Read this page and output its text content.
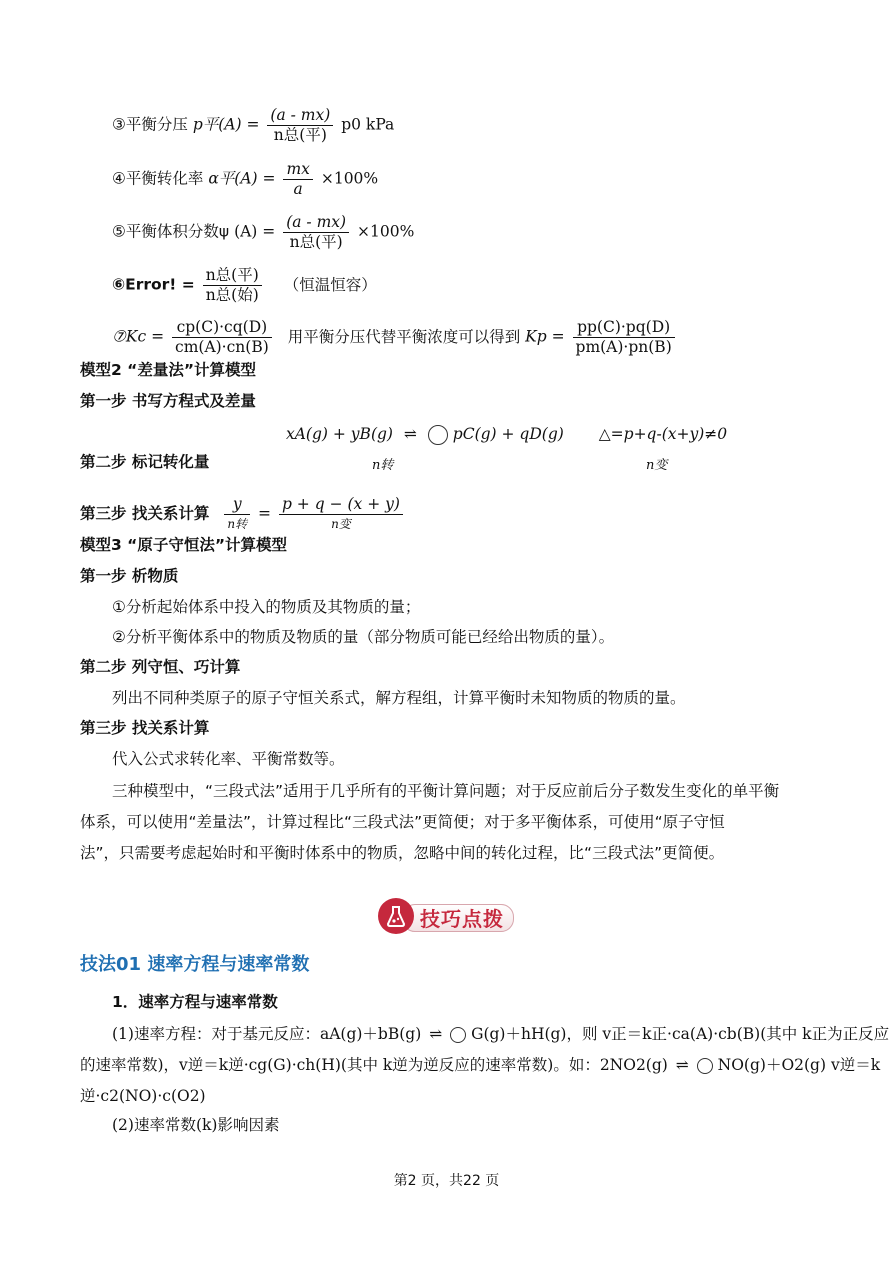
③平衡分压 p平$(A) = \frac{(a - mx)}{\text{n总(平)}} p0$ kPa
④平衡转化率 α平$(A) = \frac{mx}{a} \times 100\%$
⑤平衡体积分数ψ $(A) = \frac{(a - mx)}{\text{n总(平)}} \times 100\%$
⑥Error! = $\frac{\text{n总(平)}}{\text{n总(始)}}$ （恒温恒容）
⑦Kc = $\frac{cp(C)\cdot cq(D)}{cm(A)\cdot cn(B)}$ 用平衡分压代替平衡浓度可以得到 $Kp = \frac{pp(C)\cdot pq(D)}{pm(A)\cdot pn(B)}$
模型2 “差量法”计算模型
第一步 书写方程式及差量
xA(g) + yB(g) ⇌ pC(g) + qD(g) △=p+q-(x+y)≠0
第二步 标记转化量	n转	n变
第三步 找关系计算 $\frac{y}{\text{n转}} = \frac{p + q - (x + y)}{\text{n变}}$
模型3 “原子守恒法”计算模型
第一步 析物质
①分析起始体系中投入的物质及其物质的量；
②分析平衡体系中的物质及物质的量（部分物质可能已经给出物质的量）。
第二步 列守恒、巧计算
列出不同种类原子的原子守恒关系式，解方程组，计算平衡时未知物质的物质的量。
第三步 找关系计算
代入公式求转化率、平衡常数等。
三种模型中，“三段式法”适用于几乎所有的平衡计算问题；对于反应前后分子数发生变化的单平衡
体系，可以使用“差量法”，计算过程比“三段式法”更简便；对于多平衡体系，可使用“原子守恒
法”，只需要考虑起始时和平衡时体系中的物质，忽略中间的转化过程，比“三段式法”更简便。
技巧点拨
技法01 速率方程与速率常数
1．速率方程与速率常数
(1)速率方程：对于基元反应：aA(g)＋bB(g) ⇌ G(g)＋hH(g)，则 v正＝k正·ca(A)·cb(B)(其中 k正为正反应
的速率常数)，v逆＝k逆·cg(G)·ch(H)(其中 k逆为逆反应的速率常数)。如：2NO2(g) ⇌ NO(g)＋O2(g) v逆＝k
逆·c2(NO)·c(O2)
(2)速率常数(k)影响因素
第2 页，共22 页
